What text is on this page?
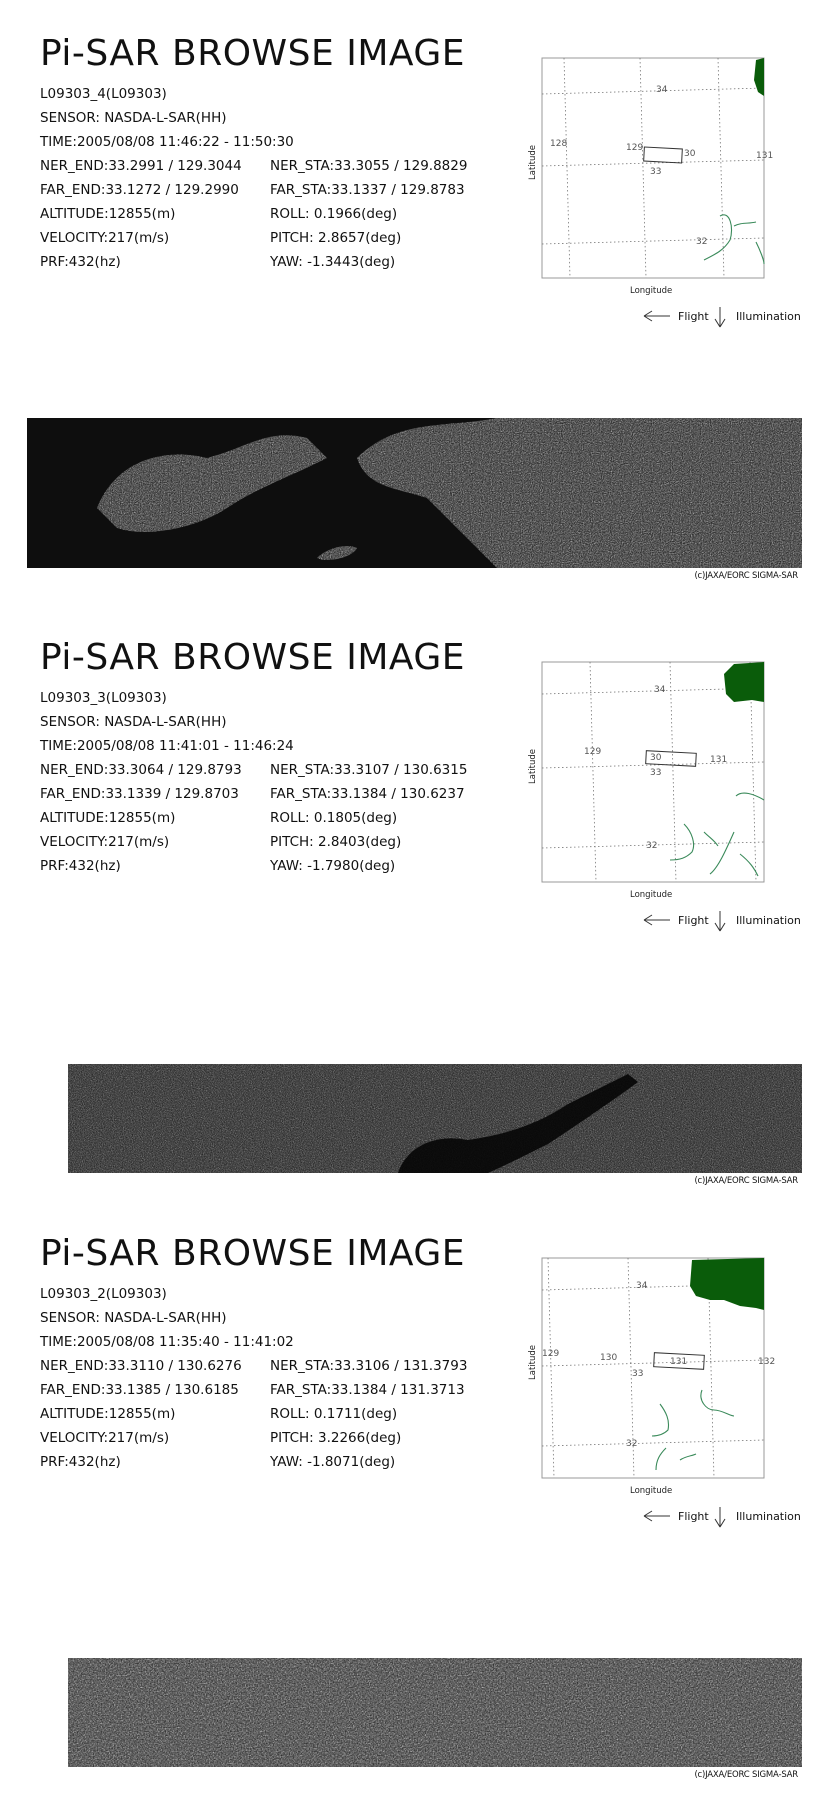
Pi-SAR BROWSE IMAGE
L09303_4(L09303)
SENSOR: NASDA-L-SAR(HH)
TIME:2005/08/08 11:46:22 - 11:50:30
NER_END:33.2991 / 129.3044 NER_STA:33.3055 / 129.8829
FAR_END:33.1272 / 129.2990 FAR_STA:33.1337 / 129.8783
ALTITUDE:12855(m)	ROLL: 0.1966(deg)
VELOCITY:217(m/s)	PITCH: 2.8657(deg)
PRF:432(hz)	YAW: -1.3443(deg)
34
33
32
128	129
30	131
Longitude
Latitude
Flight Illumination
(c)JAXA/EORC SIGMA-SAR
Pi-SAR BROWSE IMAGE
L09303_3(L09303)
SENSOR: NASDA-L-SAR(HH)
TIME:2005/08/08 11:41:01 - 11:46:24
NER_END:33.3064 / 129.8793 NER_STA:33.3107 / 130.6315
FAR_END:33.1339 / 129.8703 FAR_STA:33.1384 / 130.6237
ALTITUDE:12855(m)	ROLL: 0.1805(deg)
VELOCITY:217(m/s)	PITCH: 2.8403(deg)
PRF:432(hz)	YAW: -1.7980(deg)
34
33
32
129
30	131
Longitude
Latitude
Flight Illumination
(c)JAXA/EORC SIGMA-SAR
Pi-SAR BROWSE IMAGE
L09303_2(L09303)
SENSOR: NASDA-L-SAR(HH)
TIME:2005/08/08 11:35:40 - 11:41:02
NER_END:33.3110 / 130.6276 NER_STA:33.3106 / 131.3793
FAR_END:33.1385 / 130.6185 FAR_STA:33.1384 / 131.3713
ALTITUDE:12855(m)	ROLL: 0.1711(deg)
VELOCITY:217(m/s)	PITCH: 3.2266(deg)
PRF:432(hz)	YAW: -1.8071(deg)
34
33
32
129	130	131	132
Longitude
Latitude
Flight Illumination
(c)JAXA/EORC SIGMA-SAR
